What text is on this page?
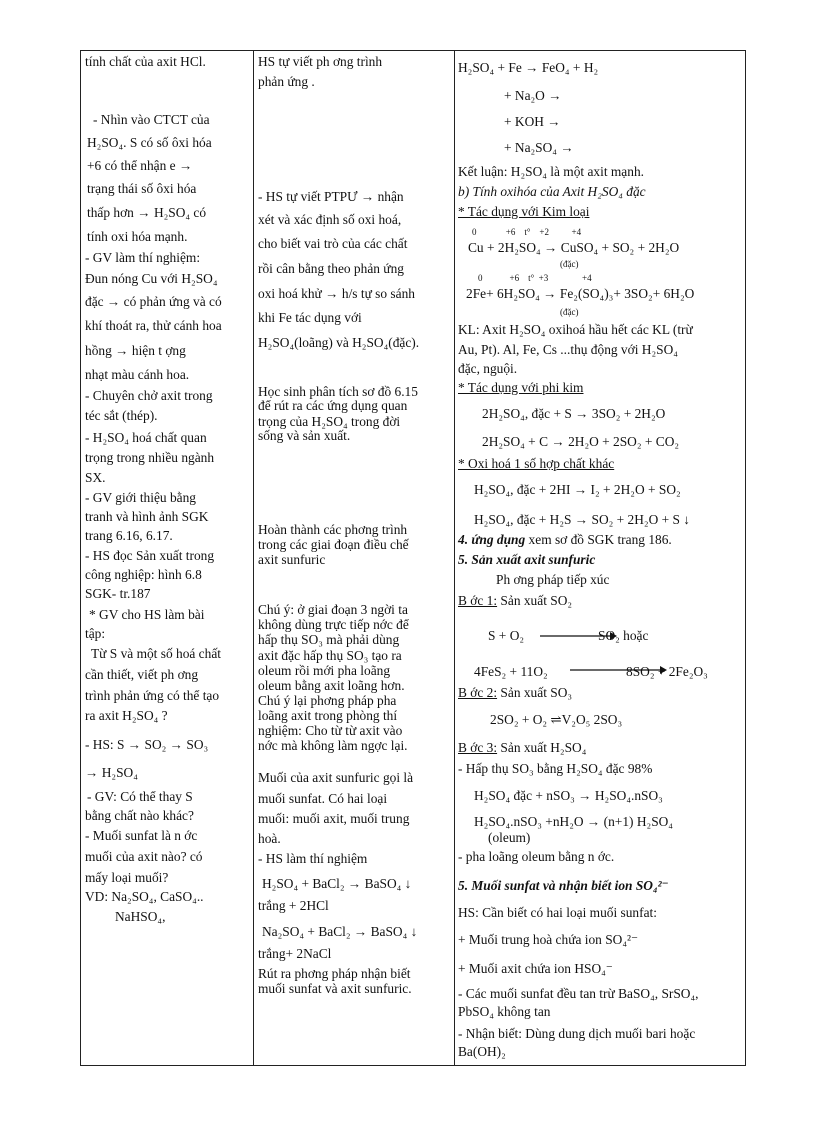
tính chất của axit HCl.
- Nhìn vào CTCT của
H₂SO₄. S có số ôxi hóa
+6 có thể nhận e →
trạng thái số ôxi hóa
thấp hơn → H₂SO₄ có
tính oxi hóa mạnh.
- GV làm thí nghiệm:
Đun nóng Cu với H₂SO₄
đặc → có phản ứng và có
khí thoát ra, thử cánh hoa
hồng → hiện t ợng
nhạt màu cánh hoa.
- Chuyên chở axit trong
téc sắt (thép).
- H₂SO₄ hoá chất quan
trọng trong nhiều ngành
SX.
- GV giới thiệu bằng
tranh và hình ảnh SGK
trang 6.16, 6.17.
- HS đọc Sản xuất trong
công nghiệp: hình 6.8
SGK- tr.187
* GV cho HS làm bài
tập:
Từ S và một số hoá chất
cần thiết, viết ph ơng
trình phản ứng có thể tạo
ra axit H₂SO₄ ?
- HS: S → SO₂ → SO₃
→ H₂SO₄
- GV: Có thể thay S
bằng chất nào khác?
- Muối sunfat là n ớc
muối của axit nào? có
mấy loại muối?
VD: Na₂SO₄, CaSO₄..
NaHSO₄,
HS tự viết ph ơng trình
phản ứng .
- HS tự viết PTPƯ → nhận
xét và xác định số oxi hoá,
cho biết vai trò của các chất
rồi cân bằng theo phản ứng
oxi hoá khử → h/s tự so sánh
khi Fe tác dụng với
H₂SO₄(loãng) và H₂SO₄(đặc).
Học sinh phân tích sơ đồ 6.15
để rút ra các ứng dụng quan
trọng của H₂SO₄ trong đời
sống và sản xuất.
Hoàn thành các phơng trình
trong các giai đoạn điều chế
axit sunfuric
Chú ý: ở giai đoạn 3 ngời ta
không dùng trực tiếp nớc để
hấp thụ SO₃ mà phải dùng
axit đặc hấp thụ SO₃ tạo ra
oleum rồi mới pha loãng
oleum bằng axit loãng hơn.
Chú ý lại phơng pháp pha
loãng axit trong phòng thí
nghiệm: Cho từ từ axit vào
nớc mà không làm ngợc lại.
Muối của axit sunfuric gọi là
muối sunfat. Có hai loại
muối: muối axit, muối trung
hoà.
- HS làm thí nghiệm
H₂SO₄ + BaCl₂ → BaSO₄ ↓
trắng + 2HCl
Na₂SO₄ + BaCl₂ → BaSO₄ ↓
trắng+ 2NaCl
Rút ra phơng pháp nhận biết
muối sunfat và axit sunfuric.
H₂SO₄ + Fe → FeO₄ + H₂
+ Na₂O →
+ KOH →
+ Na₂SO₄ →
Kết luận: H₂SO₄ là một axit mạnh.
b) Tính oxihóa của Axit H₂SO₄ đặc
* Tác dụng với Kim loại
0             +6    t°    +2          +4
Cu + 2H₂SO₄ → CuSO₄ + SO₂ + 2H₂O
(đặc)
0            +6    t°  +3               +4
2Fe+ 6H₂SO₄ → Fe₂(SO₄)₃+ 3SO₂+ 6H₂O
(đặc)
KL: Axit H₂SO₄ oxihoá hầu hết các KL (trừ
Au, Pt). Al, Fe, Cs ...thụ động với H₂SO₄
đặc, nguội.
* Tác dụng với phi kim
2H₂SO₄, đặc + S → 3SO₂ + 2H₂O
2H₂SO₄ + C → 2H₂O + 2SO₂ + CO₂
* Oxi hoá 1 số hợp chất khác
H₂SO₄, đặc + 2HI → I₂ + 2H₂O + SO₂
H₂SO₄, đặc + H₂S → SO₂ + 2H₂O + S ↓
4. ứng dụng xem sơ đồ SGK trang 186.
5. Sản xuất axit sunfuric
Ph ơng pháp tiếp xúc
B ớc 1: Sản xuất SO₂
S + O₂	SO₂ hoặc
4FeS₂ + 11O₂	8SO₂ + 2Fe₂O₃
B ớc 2: Sản xuất SO₃
2SO₂ + O₂ ⇌V₂O₅ 2SO₃
B ớc 3: Sản xuất H₂SO₄
- Hấp thụ SO₃ bằng H₂SO₄ đặc 98%
H₂SO₄ đặc + nSO₃ → H₂SO₄.nSO₃
H₂SO₄.nSO₃ +nH₂O → (n+1) H₂SO₄
(oleum)
- pha loãng oleum bằng n ớc.
5. Muối sunfat và nhận biết ion SO₄²⁻
HS: Cần biết có hai loại muối sunfat:
+ Muối trung hoà chứa ion SO₄²⁻
+ Muối axit chứa ion HSO₄⁻
- Các muối sunfat đều tan trừ BaSO₄, SrSO₄,
PbSO₄ không tan
- Nhận biết: Dùng dung dịch muối bari hoặc
Ba(OH)₂
